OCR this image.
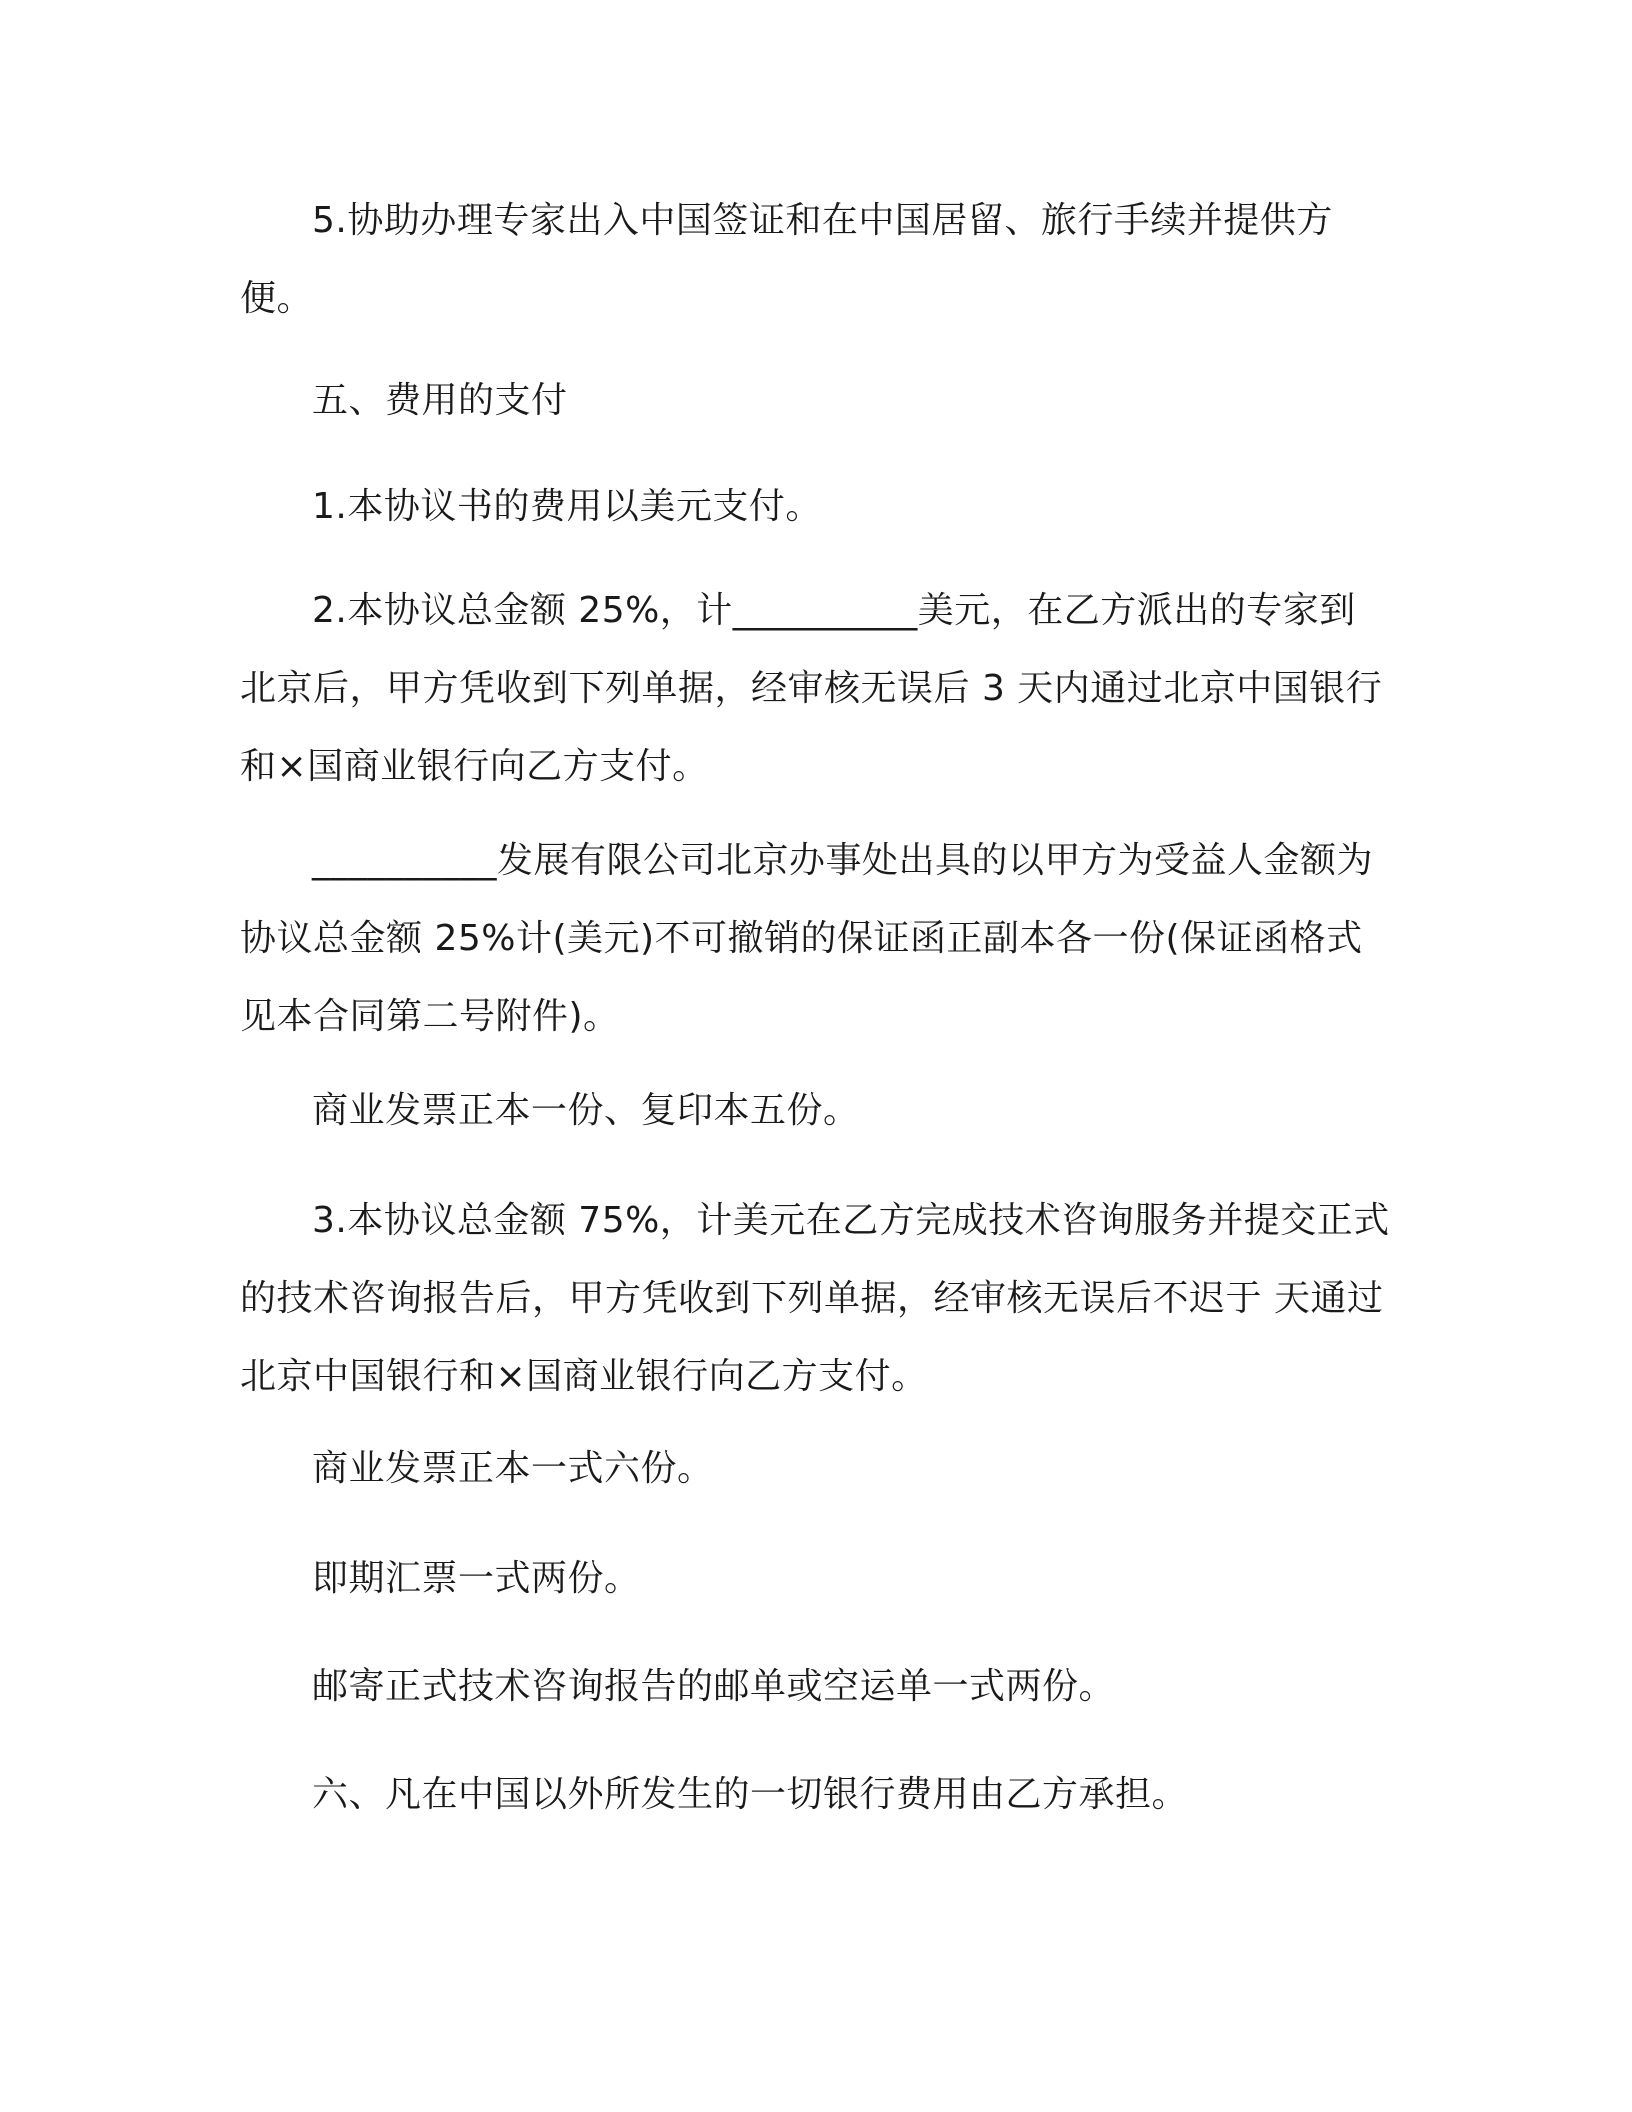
5.协助办理专家出入中国签证和在中国居留、旅行手续并提供方便。

五、费用的支付

1.本协议书的费用以美元支付。

2.本协议总金额 25%，计__________美元，在乙方派出的专家到北京后，甲方凭收到下列单据，经审核无误后 3 天内通过北京中国银行和×国商业银行向乙方支付。

__________发展有限公司北京办事处出具的以甲方为受益人金额为协议总金额 25%计(美元)不可撤销的保证函正副本各一份(保证函格式见本合同第二号附件)。

商业发票正本一份、复印本五份。

3.本协议总金额 75%，计美元在乙方完成技术咨询服务并提交正式的技术咨询报告后，甲方凭收到下列单据，经审核无误后不迟于 天通过北京中国银行和×国商业银行向乙方支付。

商业发票正本一式六份。

即期汇票一式两份。

邮寄正式技术咨询报告的邮单或空运单一式两份。

六、凡在中国以外所发生的一切银行费用由乙方承担。
